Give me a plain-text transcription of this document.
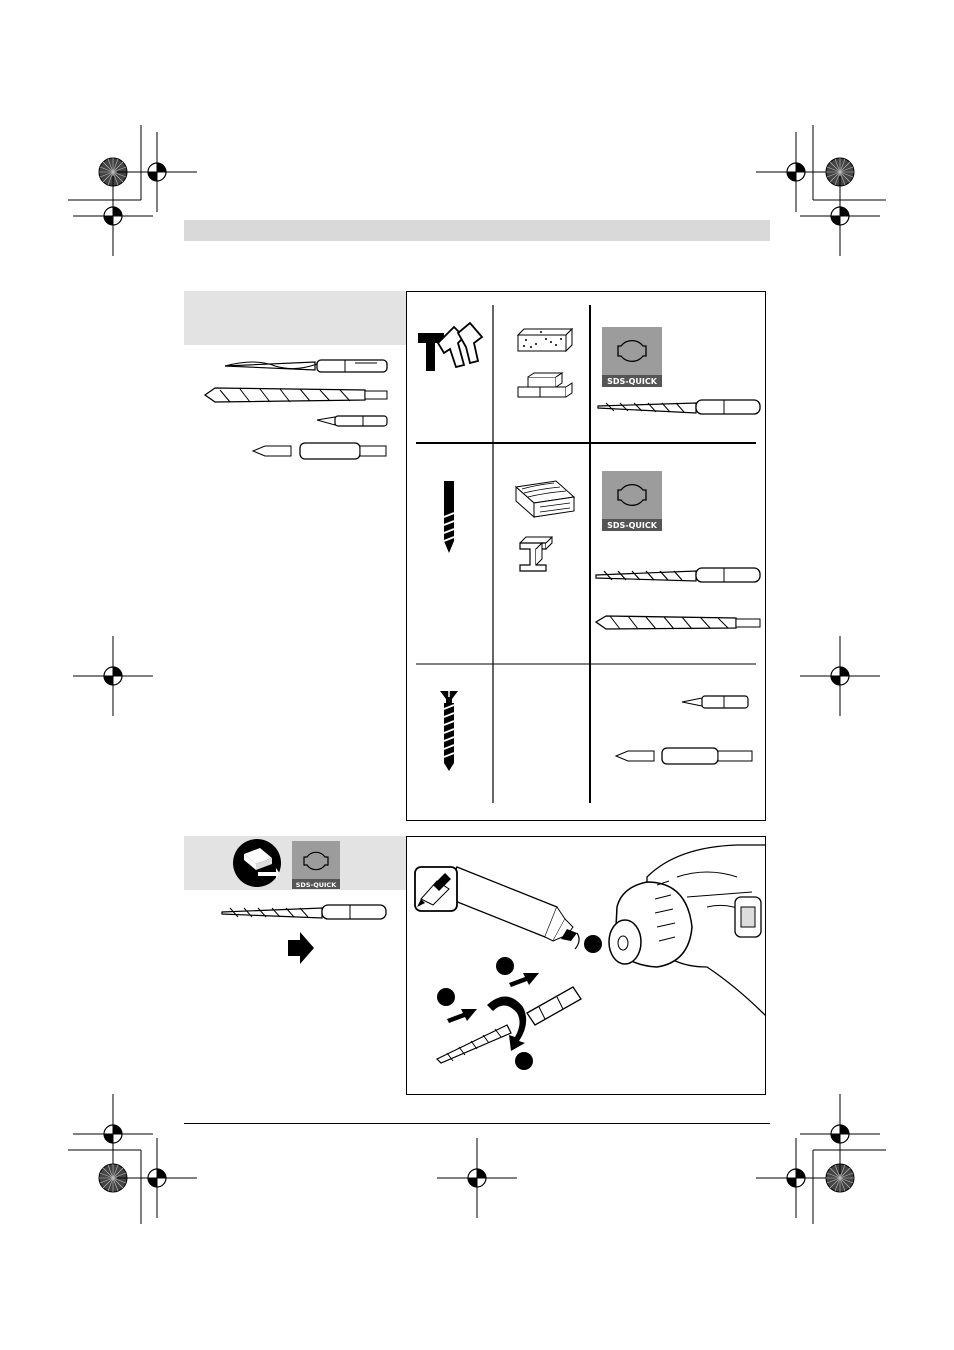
SDS-QUICK
SDS-QUICK
SDS-QUICK
